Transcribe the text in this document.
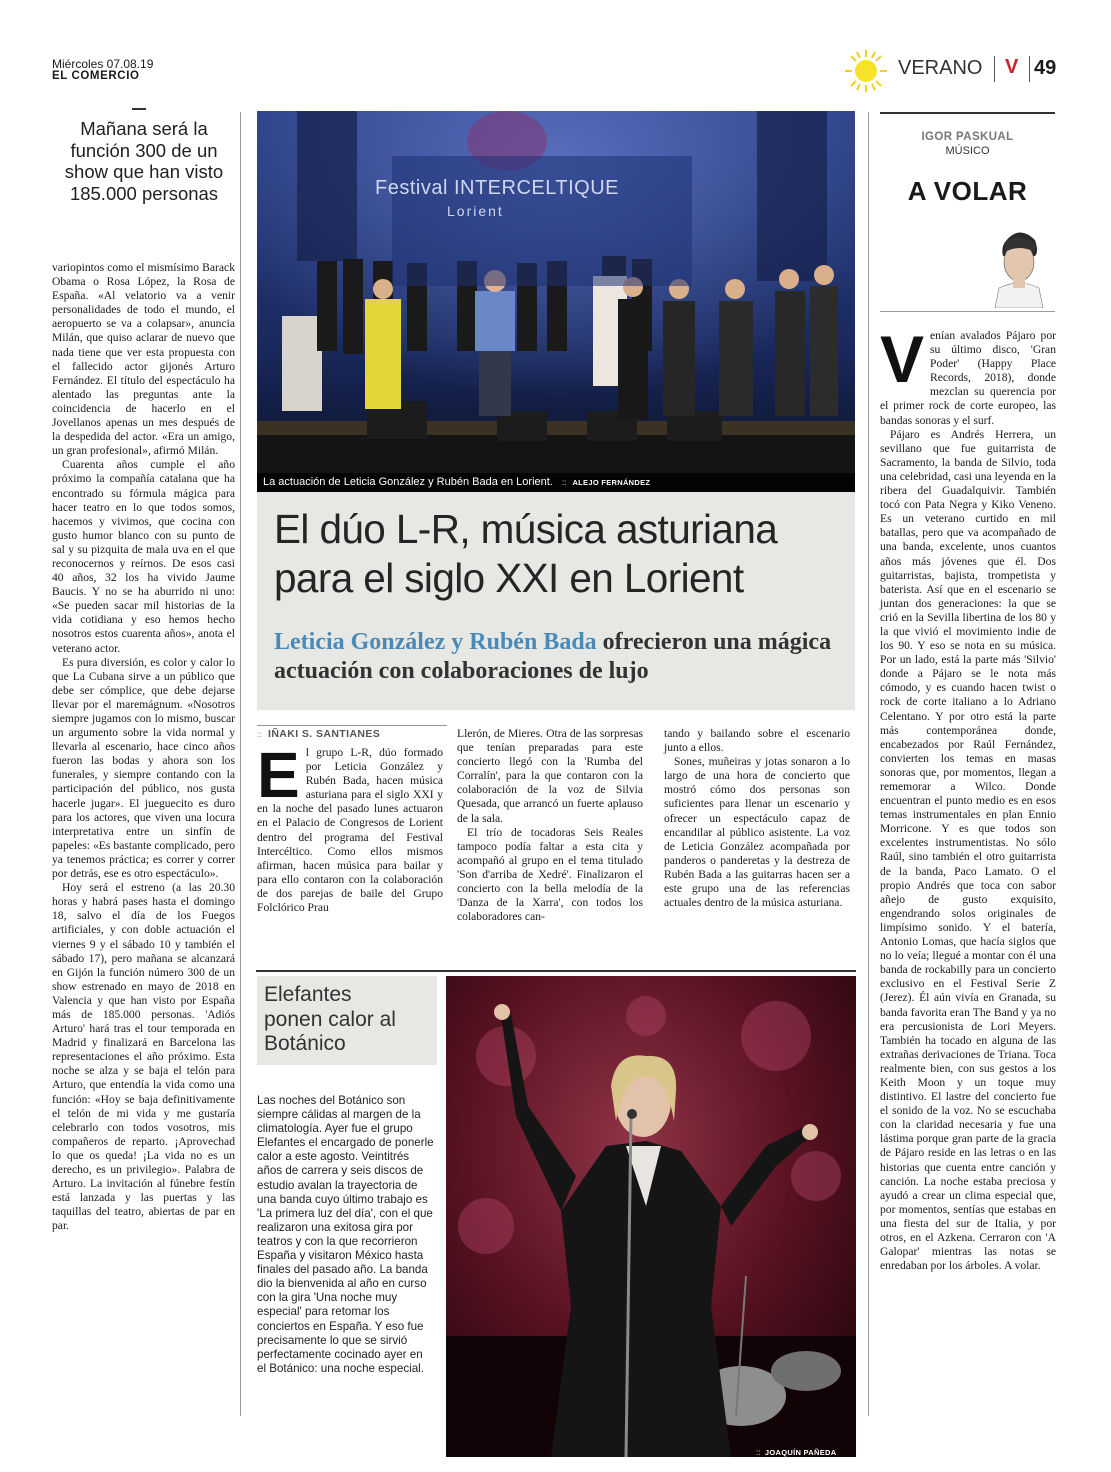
Miércoles 07.08.19
EL COMERCIO	VERANO V 49
Mañana será la función 300 de un show que han visto 185.000 personas

variopintos como el mismísimo Barack Obama o Rosa López, la Rosa de España. «Al velatorio va a venir personalidades de todo el mundo, el aeropuerto se va a colapsar», anuncia Milán, que quiso aclarar de nuevo que nada tiene que ver esta propuesta con el fallecido actor gijonés Arturo Fernández. El título del espectáculo ha alentado las preguntas ante la coincidencia de hacerlo en el Jovellanos apenas un mes después de la despedida del actor. «Era un amigo, un gran profesional», afirmó Milán.

Cuarenta años cumple el año próximo la compañía catalana que ha encontrado su fórmula mágica para hacer teatro en lo que todos somos, hacemos y vivimos, que cocina con gusto humor blanco con su punto de sal y su pizquita de mala uva en el que reconocernos y reírnos. De esos casi 40 años, 32 los ha vivido Jaume Baucis. Y no se ha aburrido ni uno: «Se pueden sacar mil historias de la vida cotidiana y eso hemos hecho nosotros estos cuarenta años», anota el veterano actor.

Es pura diversión, es color y calor lo que La Cubana sirve a un público que debe ser cómplice, que debe dejarse llevar por el maremágnum. «Nosotros siempre jugamos con lo mismo, buscar un argumento sobre la vida normal y llevarla al escenario, hace cinco años fueron las bodas y ahora son los funerales, y siempre contando con la participación del público, nos gusta hacerle jugar». El jueguecito es duro para los actores, que viven una locura interpretativa entre un sinfín de papeles: «Es bastante complicado, pero ya tenemos práctica; es correr y correr por detrás, ese es otro espectáculo».

Hoy será el estreno (a las 20.30 horas y habrá pases hasta el domingo 18, salvo el día de los Fuegos artificiales, y con doble actuación el viernes 9 y el sábado 10 y también el sábado 17), pero mañana se alcanzará en Gijón la función número 300 de un show estrenado en mayo de 2018 en Valencia y que han visto por España más de 185.000 personas. 'Adiós Arturo' hará tras el tour temporada en Madrid y finalizará en Barcelona las representaciones el año próximo. Esta noche se alza y se baja el telón para Arturo, que entendía la vida como una función: «Hoy se baja definitivamente el telón de mi vida y me gustaría celebrarlo con todos vosotros, mis compañeros de reparto. ¡Aprovechad lo que os queda! ¡La vida no es un derecho, es un privilegio». Palabra de Arturo. La invitación al fúnebre festín está lanzada y las puertas y las taquillas del teatro, abiertas de par en par.

Festival INTERCELTIQUE
Lorient
La actuación de Leticia González y Rubén Bada en Lorient. :: ALEJO FERNÁNDEZ
El dúo L-R, música asturiana para el siglo XXI en Lorient
Leticia González y Rubén Bada ofrecieron una mágica actuación con colaboraciones de lujo
:: IÑAKI S. SANTIANES
El grupo L-R, dúo formado por Leticia González y Rubén Bada, hacen música asturiana para el siglo XXI y en la noche del pasado lunes actuaron en el Palacio de Congresos de Lorient dentro del programa del Festival Intercéltico. Como ellos mismos afirman, hacen música para bailar y para ello contaron con la colaboración de dos parejas de baile del Grupo Folclórico Prau

Llerón, de Mieres. Otra de las sorpresas que tenían preparadas para este concierto llegó con la 'Rumba del Corralín', para la que contaron con la colaboración de la voz de Silvia Quesada, que arrancó un fuerte aplauso de la sala.

El trío de tocadoras Seis Reales tampoco podía faltar a esta cita y acompañó al grupo en el tema titulado 'Son d'arriba de Xedré'. Finalizaron el concierto con la bella melodía de la 'Danza de la Xarra', con todos los colaboradores can-

tando y bailando sobre el escenario junto a ellos.

Sones, muñeiras y jotas sonaron a lo largo de una hora de concierto que mostró cómo dos personas son suficientes para llenar un escenario y ofrecer un espectáculo capaz de encandilar al público asistente. La voz de Leticia González acompañada por panderos o panderetas y la destreza de Rubén Bada a las guitarras hacen ser a este grupo una de las referencias actuales dentro de la música asturiana.

Elefantes ponen calor al Botánico
Las noches del Botánico son siempre cálidas al margen de la climatología. Ayer fue el grupo Elefantes el encargado de ponerle calor a este agosto. Veintitrés años de carrera y seis discos de estudio avalan la trayectoria de una banda cuyo último trabajo es 'La primera luz del día', con el que realizaron una exitosa gira por teatros y con la que recorrieron España y visitaron México hasta finales del pasado año. La banda dio la bienvenida al año en curso con la gira 'Una noche muy especial' para retomar los conciertos en España. Y eso fue precisamente lo que se sirvió perfectamente cocinado ayer en el Botánico: una noche especial.
:: JOAQUÍN PAÑEDA
IGOR PASKUAL
MÚSICO
A VOLAR
Venían avalados Pájaro por su último disco, 'Gran Poder' (Happy Place Records, 2018), donde mezclan su querencia por el primer rock de corte europeo, las bandas sonoras y el surf.

Pájaro es Andrés Herrera, un sevillano que fue guitarrista de Sacramento, la banda de Silvio, toda una celebridad, casi una leyenda en la ribera del Guadalquivir. También tocó con Pata Negra y Kiko Veneno. Es un veterano curtido en mil batallas, pero que va acompañado de una banda, excelente, unos cuantos años más jóvenes que él. Dos guitarristas, bajista, trompetista y baterista. Así que en el escenario se juntan dos generaciones: la que se crió en la Sevilla libertina de los 80 y la que vivió el movimiento indie de los 90. Y eso se nota en su música. Por un lado, está la parte más 'Silvio' donde a Pájaro se le nota más cómodo, y es cuando hacen twist o rock de corte italiano a lo Adriano Celentano. Y por otro está la parte más contemporánea donde, encabezados por Raúl Fernández, convierten los temas en masas sonoras que, por momentos, llegan a rememorar a Wilco. Donde encuentran el punto medio es en esos temas instrumentales en plan Ennio Morricone. Y es que todos son excelentes instrumentistas. No sólo Raúl, sino también el otro guitarrista de la banda, Paco Lamato. O el propio Andrés que toca con sabor añejo de gusto exquisito, engendrando solos originales de limpísimo sonido. Y el batería, Antonio Lomas, que hacía siglos que no lo veía; llegué a montar con él una banda de rockabilly para un concierto exclusivo en el Festival Serie Z (Jerez). Él aún vivía en Granada, su banda favorita eran The Band y ya no era percusionista de Lori Meyers. También ha tocado en alguna de las extrañas derivaciones de Triana. Toca realmente bien, con sus gestos a los Keith Moon y un toque muy distintivo. El lastre del concierto fue el sonido de la voz. No se escuchaba con la claridad necesaria y fue una lástima porque gran parte de la gracia de Pájaro reside en las letras o en las historias que cuenta entre canción y canción. La noche estaba preciosa y ayudó a crear un clima especial que, por momentos, sentías que estabas en una fiesta del sur de Italia, y por otros, en el Azkena. Cerraron con 'A Galopar' mientras las notas se enredaban por los árboles. A volar.
